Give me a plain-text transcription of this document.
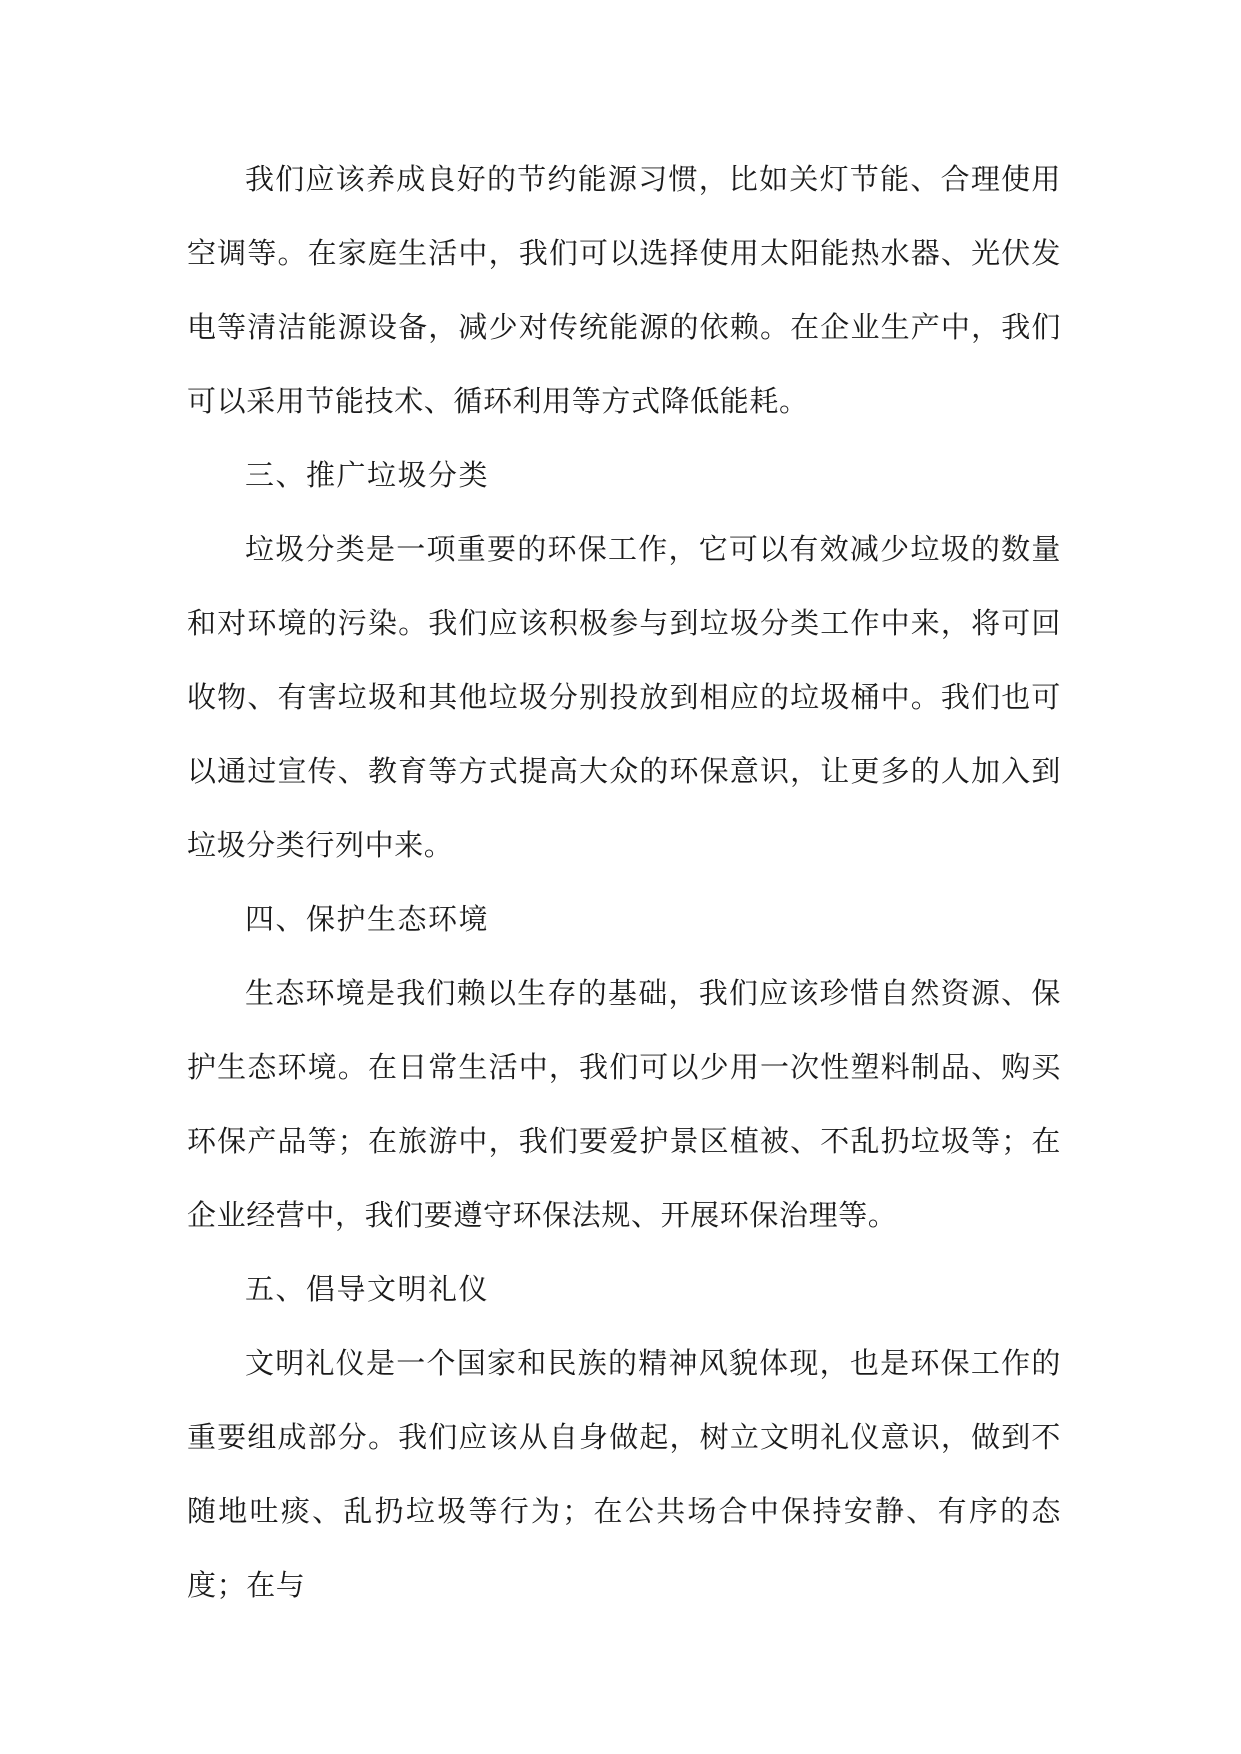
我们应该养成良好的节约能源习惯，比如关灯节能、合理使用空调等。在家庭生活中，我们可以选择使用太阳能热水器、光伏发电等清洁能源设备，减少对传统能源的依赖。在企业生产中，我们可以采用节能技术、循环利用等方式降低能耗。

三、推广垃圾分类

垃圾分类是一项重要的环保工作，它可以有效减少垃圾的数量和对环境的污染。我们应该积极参与到垃圾分类工作中来，将可回收物、有害垃圾和其他垃圾分别投放到相应的垃圾桶中。我们也可以通过宣传、教育等方式提高大众的环保意识，让更多的人加入到垃圾分类行列中来。

四、保护生态环境

生态环境是我们赖以生存的基础，我们应该珍惜自然资源、保护生态环境。在日常生活中，我们可以少用一次性塑料制品、购买环保产品等；在旅游中，我们要爱护景区植被、不乱扔垃圾等；在企业经营中，我们要遵守环保法规、开展环保治理等。

五、倡导文明礼仪

文明礼仪是一个国家和民族的精神风貌体现，也是环保工作的重要组成部分。我们应该从自身做起，树立文明礼仪意识，做到不随地吐痰、乱扔垃圾等行为；在公共场合中保持安静、有序的态度；在与
